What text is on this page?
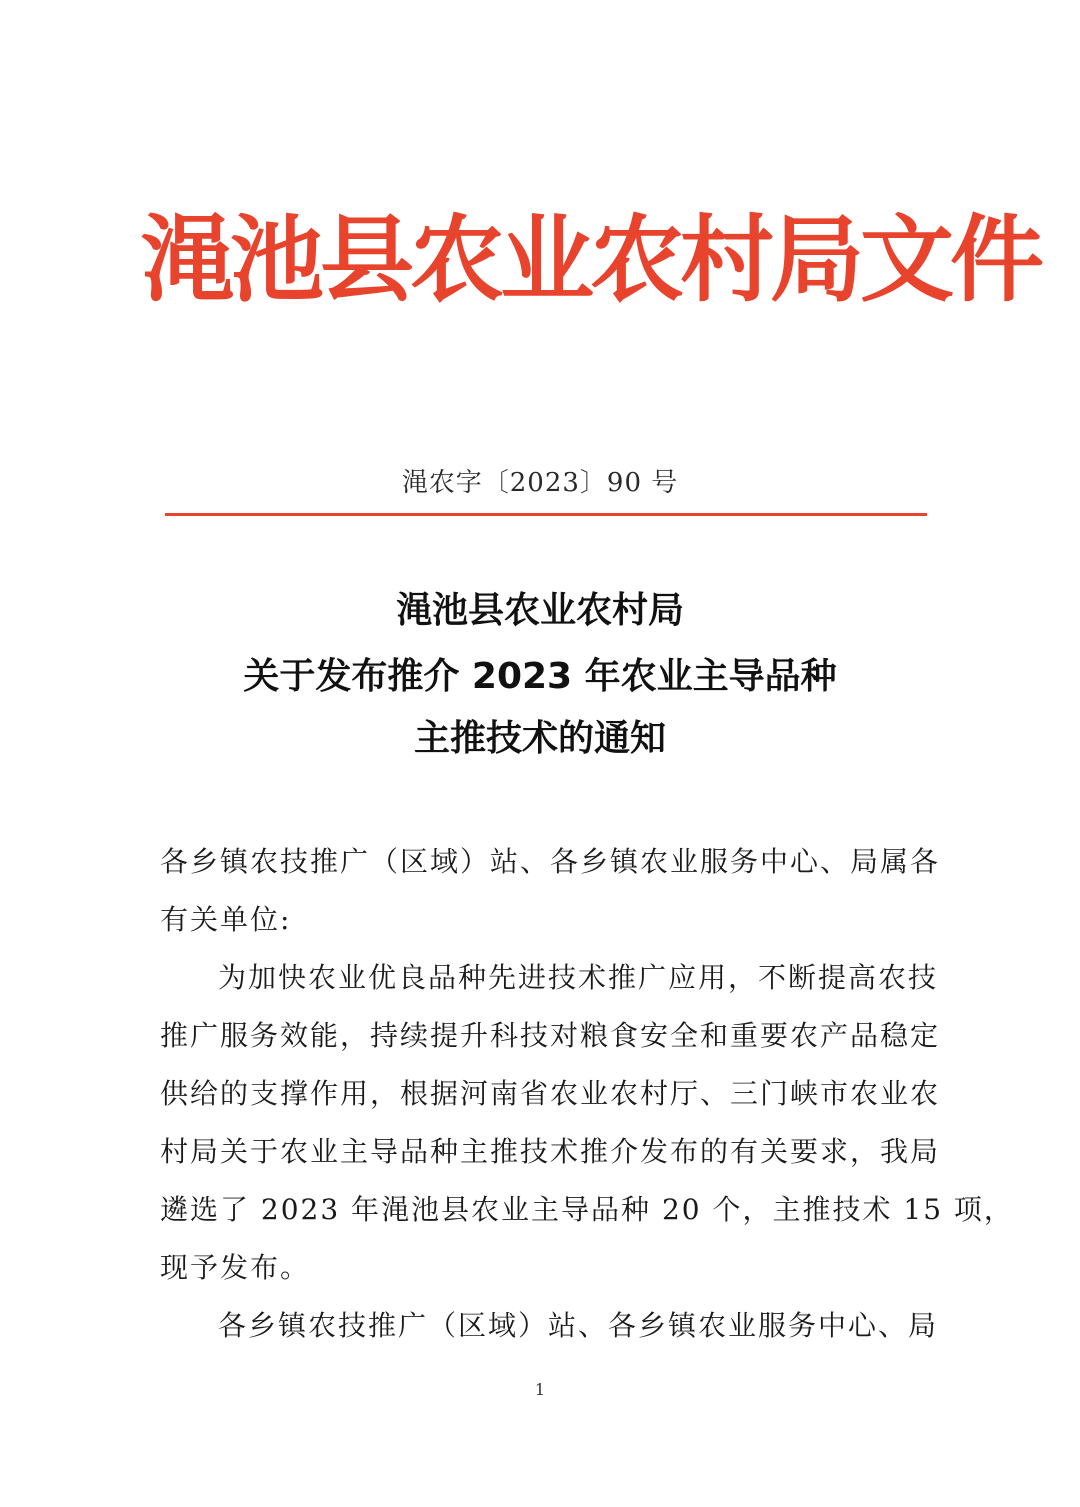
渑池县农业农村局文件
渑农字〔2023〕90 号
渑池县农业农村局
关于发布推介 2023 年农业主导品种
主推技术的通知
各乡镇农技推广（区域）站、各乡镇农业服务中心、局属各
有关单位:
为加快农业优良品种先进技术推广应用，不断提高农技
推广服务效能，持续提升科技对粮食安全和重要农产品稳定
供给的支撑作用，根据河南省农业农村厅、三门峡市农业农
村局关于农业主导品种主推技术推介发布的有关要求，我局
遴选了 2023 年渑池县农业主导品种 20 个，主推技术 15 项，
现予发布。
各乡镇农技推广（区域）站、各乡镇农业服务中心、局
1
